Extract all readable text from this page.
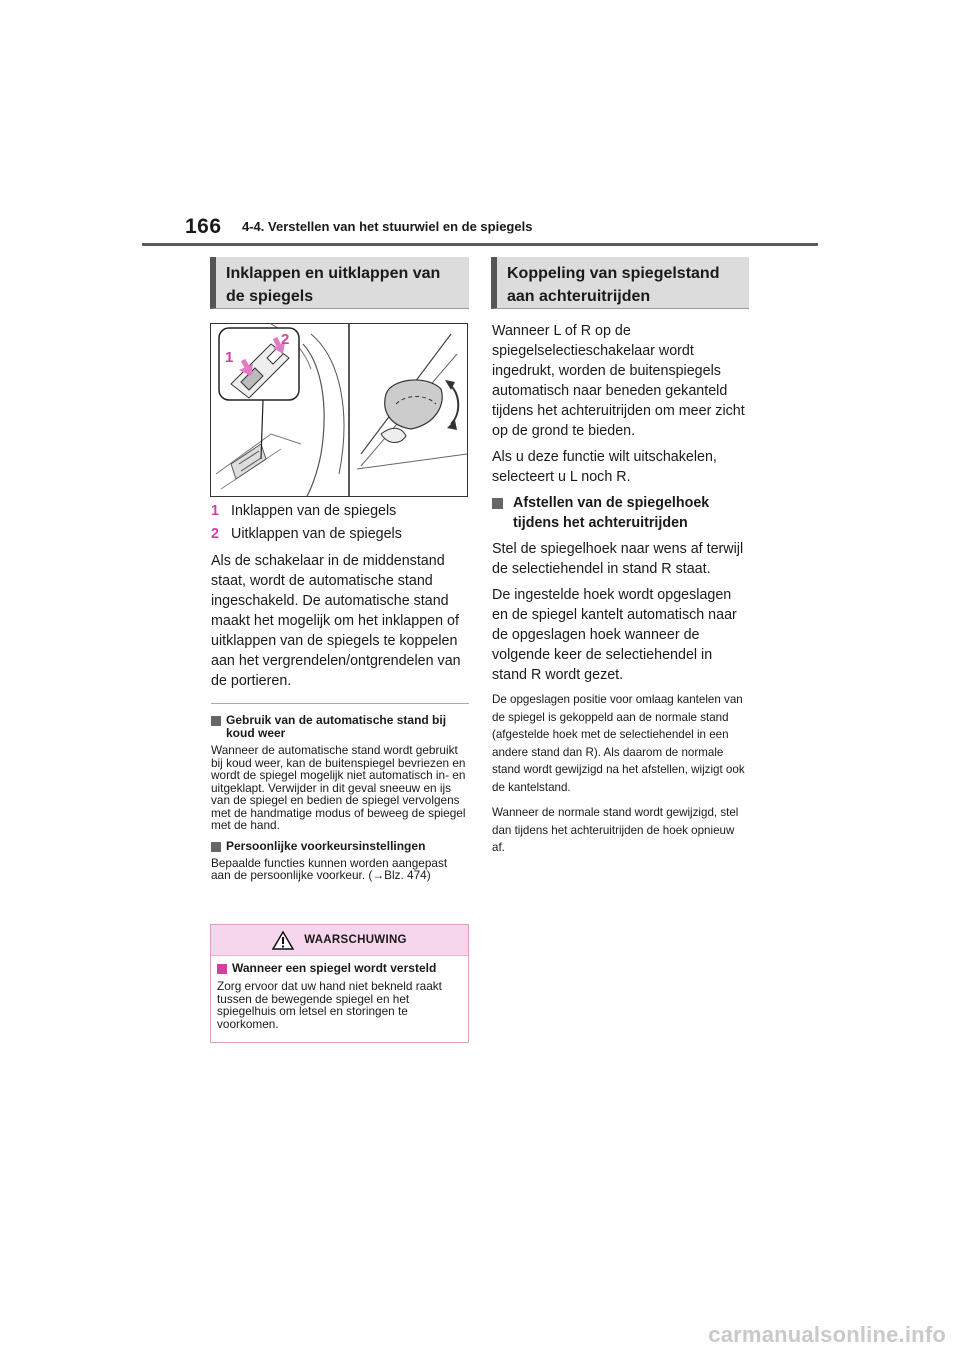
166 4-4. Verstellen van het stuurwiel en de spiegels
Inklappen en uitklappen van de spiegels
1
2
1 Inklappen van de spiegels
2 Uitklappen van de spiegels

Als de schakelaar in de middenstand staat, wordt de automatische stand ingeschakeld. De automatische stand maakt het mogelijk om het inklappen of uitklappen van de spiegels te koppelen aan het vergrendelen/ontgrendelen van de portieren.

Gebruik van de automatische stand bij koud weer

Wanneer de automatische stand wordt gebruikt bij koud weer, kan de buitenspiegel bevriezen en wordt de spiegel mogelijk niet automatisch in- en uitgeklapt. Verwijder in dit geval sneeuw en ijs van de spiegel en bedien de spiegel vervolgens met de handmatige modus of beweeg de spiegel met de hand.

Persoonlijke voorkeursinstellingen

Bepaalde functies kunnen worden aangepast aan de persoonlijke voorkeur. (→Blz. 474)

WAARSCHUWING
Wanneer een spiegel wordt versteld

Zorg ervoor dat uw hand niet bekneld raakt tussen de bewegende spiegel en het spiegelhuis om letsel en storingen te voorkomen.

Koppeling van spiegelstand aan achteruitrijden

Wanneer L of R op de spiegelselectieschakelaar wordt ingedrukt, worden de buitenspiegels automatisch naar beneden gekanteld tijdens het achteruitrijden om meer zicht op de grond te bieden.

Als u deze functie wilt uitschakelen, selecteert u L noch R.

Afstellen van de spiegelhoek tijdens het achteruitrijden

Stel de spiegelhoek naar wens af terwijl de selectiehendel in stand R staat.

De ingestelde hoek wordt opgeslagen en de spiegel kantelt automatisch naar de opgeslagen hoek wanneer de volgende keer de selectiehendel in stand R wordt gezet.

De opgeslagen positie voor omlaag kantelen van de spiegel is gekoppeld aan de normale stand (afgestelde hoek met de selectiehendel in een andere stand dan R). Als daarom de normale stand wordt gewijzigd na het afstellen, wijzigt ook de kantelstand.

Wanneer de normale stand wordt gewijzigd, stel dan tijdens het achteruitrijden de hoek opnieuw af.

carmanualsonline.info
